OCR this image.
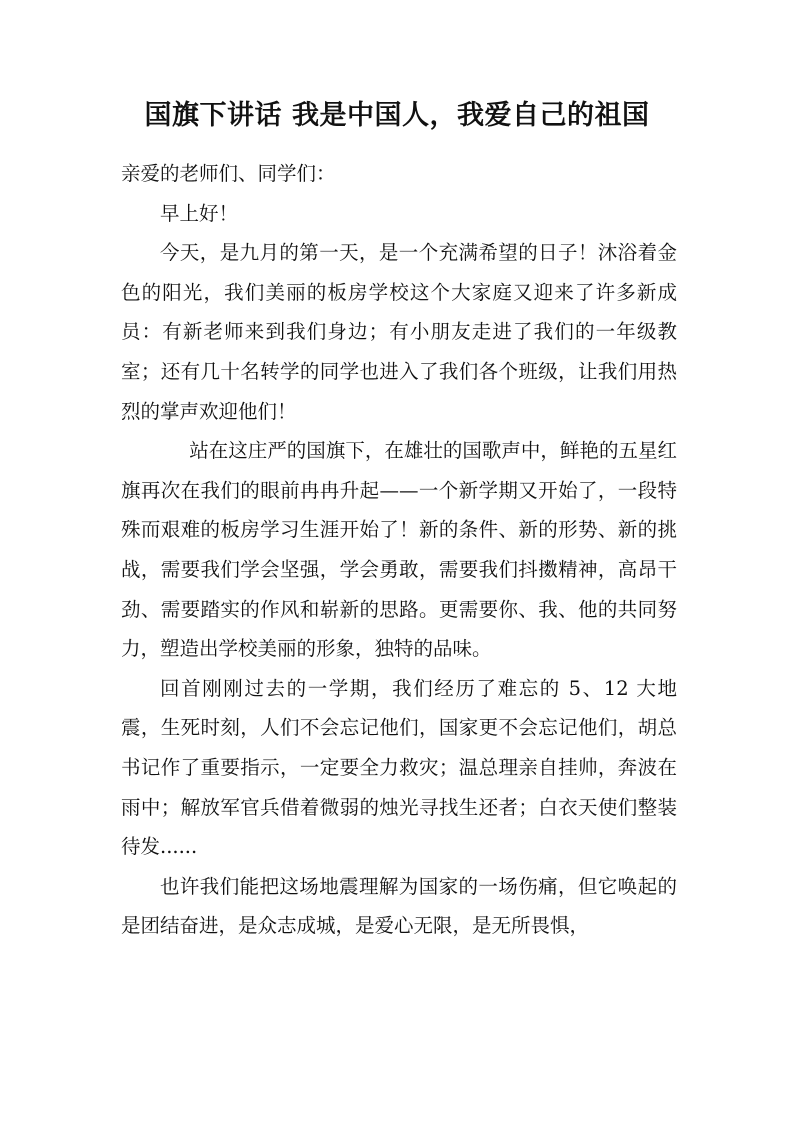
国旗下讲话 我是中国人，我爱自己的祖国

亲爱的老师们、同学们：

早上好！

今天，是九月的第一天，是一个充满希望的日子！沐浴着金色的阳光，我们美丽的板房学校这个大家庭又迎来了许多新成员：有新老师来到我们身边；有小朋友走进了我们的一年级教室；还有几十名转学的同学也进入了我们各个班级，让我们用热烈的掌声欢迎他们！

站在这庄严的国旗下，在雄壮的国歌声中，鲜艳的五星红旗再次在我们的眼前冉冉升起——一个新学期又开始了，一段特殊而艰难的板房学习生涯开始了！新的条件、新的形势、新的挑战，需要我们学会坚强，学会勇敢，需要我们抖擞精神，高昂干劲、需要踏实的作风和崭新的思路。更需要你、我、他的共同努力，塑造出学校美丽的形象，独特的品味。

回首刚刚过去的一学期，我们经历了难忘的 5、12 大地震，生死时刻，人们不会忘记他们，国家更不会忘记他们，胡总书记作了重要指示，一定要全力救灾；温总理亲自挂帅，奔波在雨中；解放军官兵借着微弱的烛光寻找生还者；白衣天使们整装待发......

也许我们能把这场地震理解为国家的一场伤痛，但它唤起的是团结奋进，是众志成城，是爱心无限，是无所畏惧，
